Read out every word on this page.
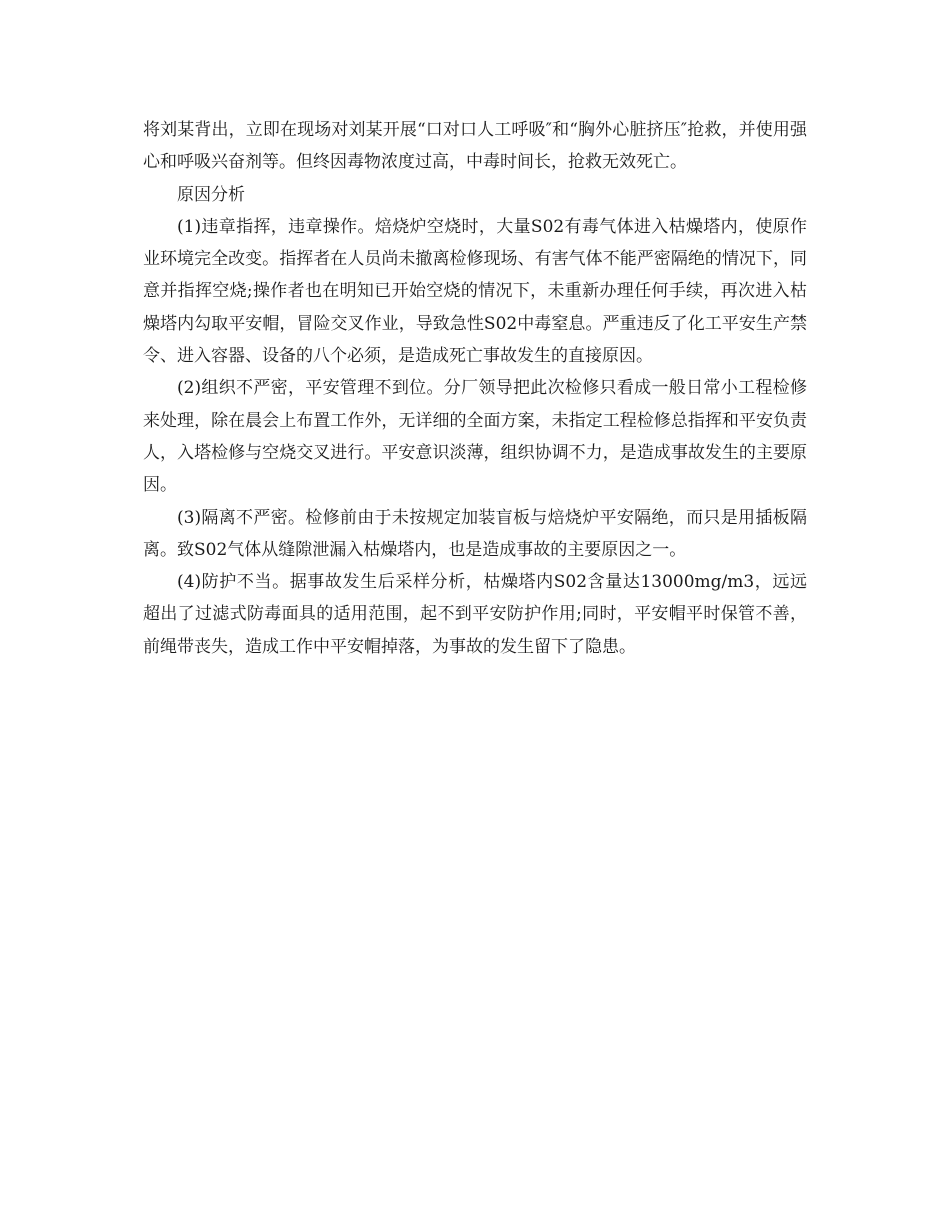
将刘某背出，立即在现场对刘某开展“口对口人工呼吸″和“胸外心脏挤压″抢救，并使用强心和呼吸兴奋剂等。但终因毒物浓度过高，中毒时间长，抢救无效死亡。

原因分析

(1)违章指挥，违章操作。焙烧炉空烧时，大量S02有毒气体进入枯燥塔内，使原作业环境完全改变。指挥者在人员尚未撤离检修现场、有害气体不能严密隔绝的情况下，同意并指挥空烧;操作者也在明知已开始空烧的情况下，未重新办理任何手续，再次进入枯燥塔内勾取平安帽，冒险交叉作业，导致急性S02中毒窒息。严重违反了化工平安生产禁令、进入容器、设备的八个必须，是造成死亡事故发生的直接原因。

(2)组织不严密，平安管理不到位。分厂领导把此次检修只看成一般日常小工程检修来处理，除在晨会上布置工作外，无详细的全面方案，未指定工程检修总指挥和平安负责人，入塔检修与空烧交叉进行。平安意识淡薄，组织协调不力，是造成事故发生的主要原因。

(3)隔离不严密。检修前由于未按规定加装盲板与焙烧炉平安隔绝，而只是用插板隔离。致S02气体从缝隙泄漏入枯燥塔内，也是造成事故的主要原因之一。

(4)防护不当。据事故发生后采样分析，枯燥塔内S02含量达13000mg/m3，远远超出了过滤式防毒面具的适用范围，起不到平安防护作用;同时，平安帽平时保管不善，前绳带丧失，造成工作中平安帽掉落，为事故的发生留下了隐患。
